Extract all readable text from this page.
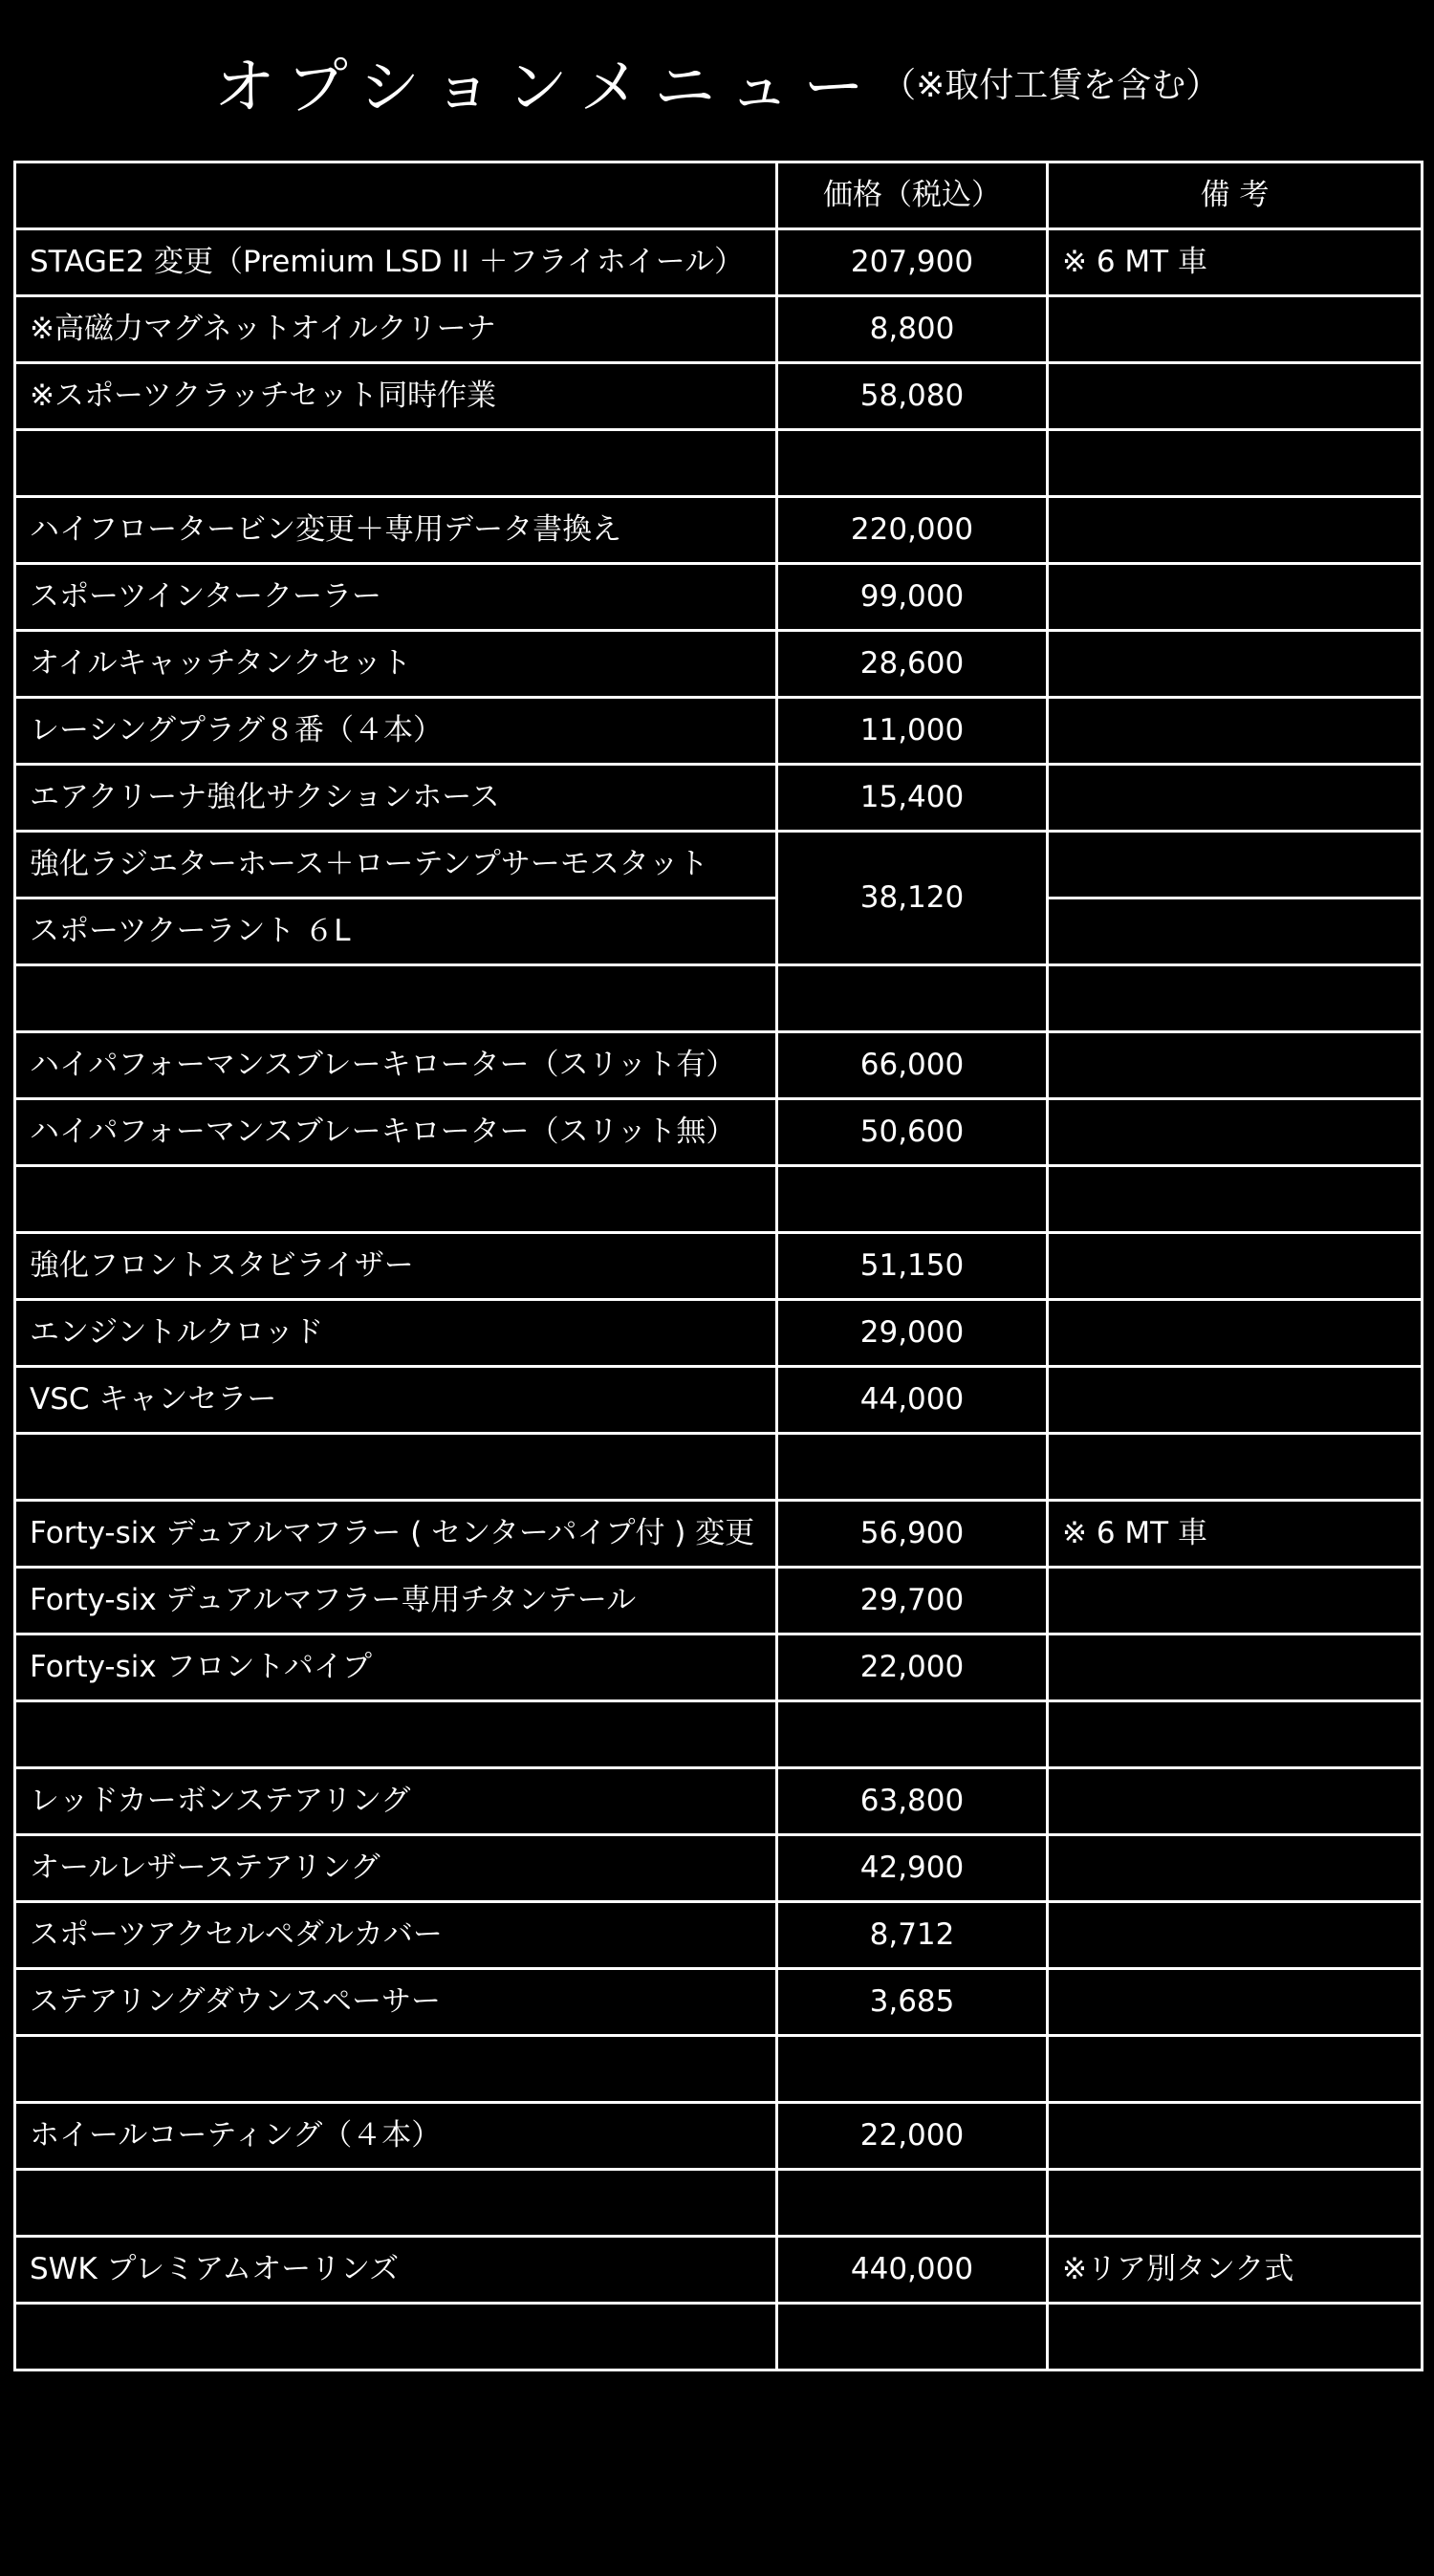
オプションメニュー （※取付工賃を含む）
	価格（税込）	備 考
STAGE2 変更（Premium LSD II ＋フライホイール）	207,900	※ 6 MT 車
※高磁力マグネットオイルクリーナ	8,800	
※スポーツクラッチセット同時作業	58,080	

ハイフロータービン変更＋専用データ書換え	220,000	
スポーツインタークーラー	99,000	
オイルキャッチタンクセット	28,600	
レーシングプラグ８番（４本）	11,000	
エアクリーナ強化サクションホース	15,400	
強化ラジエターホース＋ローテンプサーモスタット	38,120	
スポーツクーラント ６L		

ハイパフォーマンスブレーキローター（スリット有）	66,000	
ハイパフォーマンスブレーキローター（スリット無）	50,600	

強化フロントスタビライザー	51,150	
エンジントルクロッド	29,000	
VSC キャンセラー	44,000	

Forty-six デュアルマフラー ( センターパイプ付 ) 変更	56,900	※ 6 MT 車
Forty-six デュアルマフラー専用チタンテール	29,700	
Forty-six フロントパイプ	22,000	

レッドカーボンステアリング	63,800	
オールレザーステアリング	42,900	
スポーツアクセルペダルカバー	8,712	
ステアリングダウンスペーサー	3,685	

ホイールコーティング（４本）	22,000	

SWK プレミアムオーリンズ	440,000	※リア別タンク式
